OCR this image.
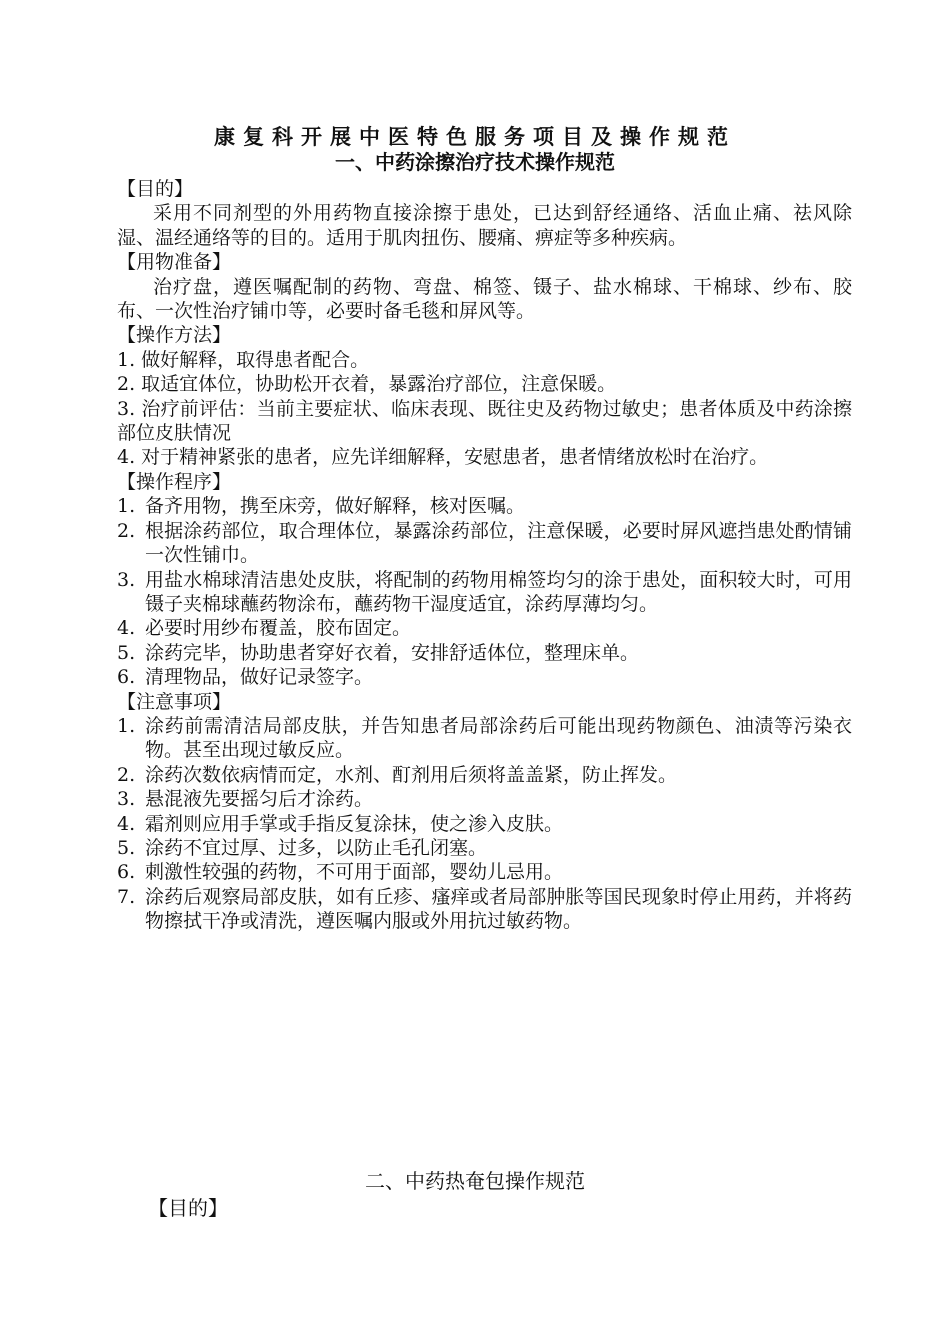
康复科开展中医特色服务项目及操作规范
一、中药涂擦治疗技术操作规范

【目的】

采用不同剂型的外用药物直接涂擦于患处，已达到舒经通络、活血止痛、祛风除湿、温经通络等的目的。适用于肌肉扭伤、腰痛、痹症等多种疾病。

【用物准备】

治疗盘，遵医嘱配制的药物、弯盘、棉签、镊子、盐水棉球、干棉球、纱布、胶布、一次性治疗铺巾等，必要时备毛毯和屏风等。

【操作方法】

1. 做好解释，取得患者配合。

2. 取适宜体位，协助松开衣着，暴露治疗部位，注意保暖。

3. 治疗前评估：当前主要症状、临床表现、既往史及药物过敏史；患者体质及中药涂擦部位皮肤情况

4. 对于精神紧张的患者，应先详细解释，安慰患者，患者情绪放松时在治疗。

【操作程序】

1. 备齐用物，携至床旁，做好解释，核对医嘱。
2. 根据涂药部位，取合理体位，暴露涂药部位，注意保暖，必要时屏风遮挡患处酌情铺一次性铺巾。
3. 用盐水棉球清洁患处皮肤，将配制的药物用棉签均匀的涂于患处，面积较大时，可用镊子夹棉球蘸药物涂布，蘸药物干湿度适宜，涂药厚薄均匀。
4. 必要时用纱布覆盖，胶布固定。
5. 涂药完毕，协助患者穿好衣着，安排舒适体位，整理床单。
6. 清理物品，做好记录签字。

【注意事项】

1. 涂药前需清洁局部皮肤，并告知患者局部涂药后可能出现药物颜色、油渍等污染衣物。甚至出现过敏反应。
2. 涂药次数依病情而定，水剂、酊剂用后须将盖盖紧，防止挥发。
3. 悬混液先要摇匀后才涂药。
4. 霜剂则应用手掌或手指反复涂抹，使之渗入皮肤。
5. 涂药不宜过厚、过多，以防止毛孔闭塞。
6. 刺激性较强的药物，不可用于面部，婴幼儿忌用。
7. 涂药后观察局部皮肤，如有丘疹、瘙痒或者局部肿胀等国民现象时停止用药，并将药物擦拭干净或清洗，遵医嘱内服或外用抗过敏药物。
二、中药热奄包操作规范
【目的】
